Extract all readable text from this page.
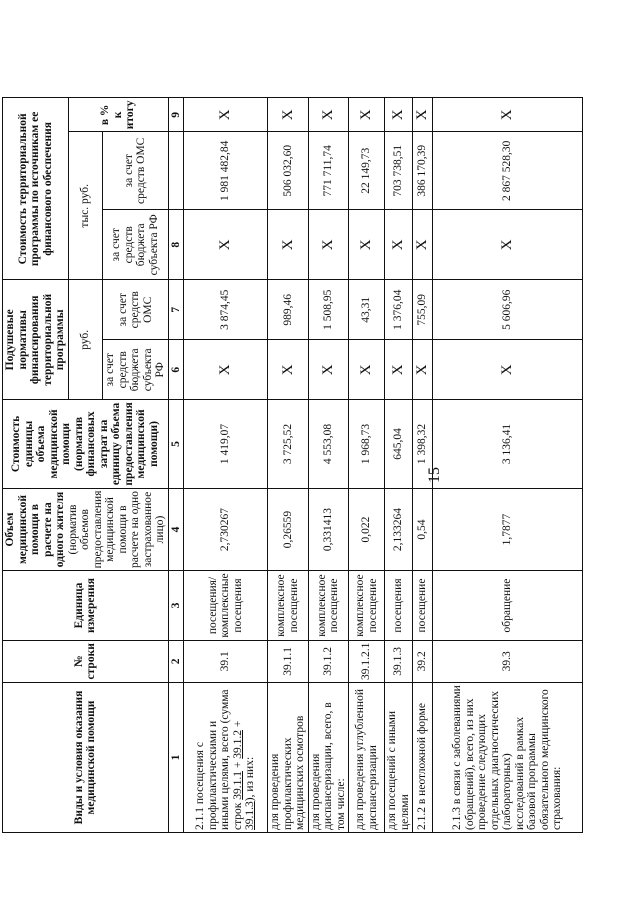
15
Виды и условия оказания медицинской помощи	№ строки	Единица измерения	Объем медицинской помощи в расчете на одного жителя (норматив объемов предоставления медицинской помощи в расчете на одно застрахованное лицо)	Стоимость единицы объема медицинской помощи (норматив финансовых затрат на единицу объема предоставления медицинской помощи)	Подушевые нормативы финансирования территориальной программы		Стоимость территориальной программы по источникам ее финансового обеспечения		
					руб.		тыс. руб.		в % к итогу
					за счет средств бюджета субъекта РФ	за счет средств ОМС	за счет средств бюджета субъекта РФ	за счет средств ОМС	
1	2	3	4	5	6	7	8		9
2.1.1 посещения с профилактическими и иными целями, всего (сумма строк 39.1.1 + 39.1.2 + 39.1.3), из них:	39.1	посещения/комплексные посещения	2,730267	1 419,07	X	3 874,45	X	1 981 482,84	X
для проведения профилактических медицинских осмотров	39.1.1	комплексное посещение	0,26559	3 725,52	X	989,46	X	506 032,60	X
для проведения диспансеризации, всего, в том числе:	39.1.2	комплексное посещение	0,331413	4 553,08	X	1 508,95	X	771 711,74	X
для проведения углубленной диспансеризации	39.1.2.1	комплексное посещение	0,022	1 968,73	X	43,31	X	22 149,73	X
для посещений с иными целями	39.1.3	посещения	2,133264	645,04	X	1 376,04	X	703 738,51	X
2.1.2 в неотложной форме	39.2	посещение	0,54	1 398,32	X	755,09	X	386 170,39	X
2.1.3 в связи с заболеваниями (обращений), всего, из них проведение следующих отдельных диагностических (лабораторных) исследований в рамках базовой программы обязательного медицинского страхования:	39.3	обращение	1,7877	3 136,41	X	5 606,96	X	2 867 528,30	X
